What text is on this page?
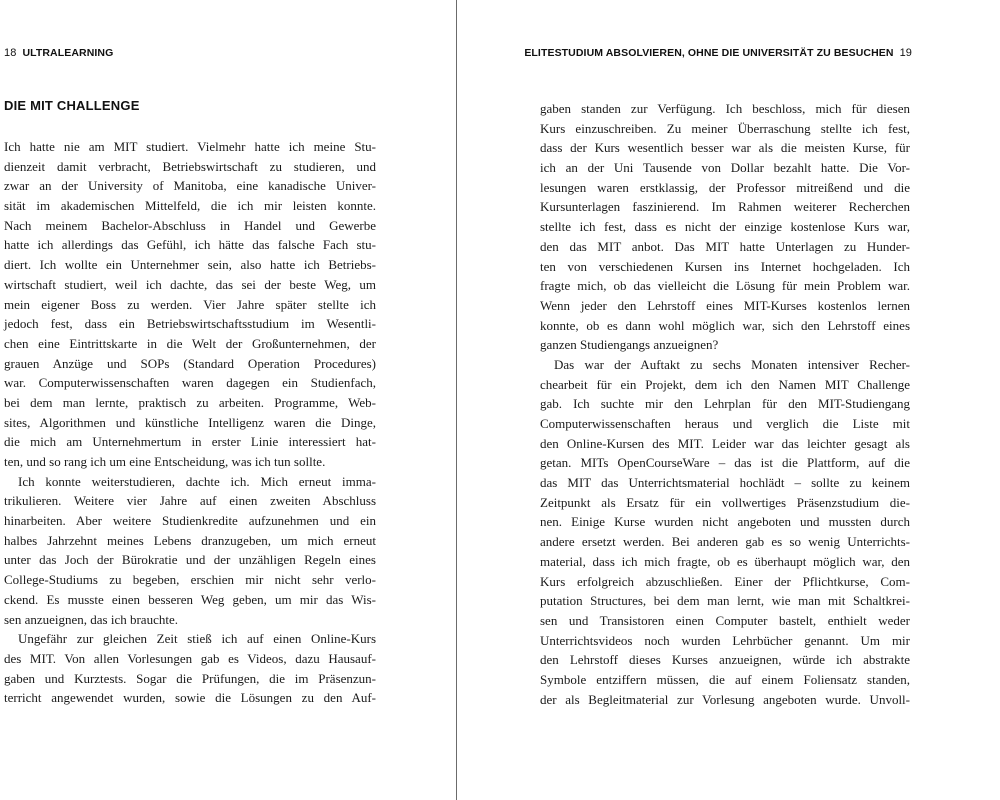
18 ULTRALEARNING
DIE MIT CHALLENGE
Ich hatte nie am MIT studiert. Vielmehr hatte ich meine Stu-
dienzeit damit verbracht, Betriebswirtschaft zu studieren, und
zwar an der University of Manitoba, eine kanadische Univer-
sität im akademischen Mittelfeld, die ich mir leisten konnte.
Nach meinem Bachelor-Abschluss in Handel und Gewerbe
hatte ich allerdings das Gefühl, ich hätte das falsche Fach stu-
diert. Ich wollte ein Unternehmer sein, also hatte ich Betriebs-
wirtschaft studiert, weil ich dachte, das sei der beste Weg, um
mein eigener Boss zu werden. Vier Jahre später stellte ich
jedoch fest, dass ein Betriebswirtschaftsstudium im Wesentli-
chen eine Eintrittskarte in die Welt der Großunternehmen, der
grauen Anzüge und SOPs (Standard Operation Procedures)
war. Computerwissenschaften waren dagegen ein Studienfach,
bei dem man lernte, praktisch zu arbeiten. Programme, Web-
sites, Algorithmen und künstliche Intelligenz waren die Dinge,
die mich am Unternehmertum in erster Linie interessiert hat-
ten, und so rang ich um eine Entscheidung, was ich tun sollte.
Ich konnte weiterstudieren, dachte ich. Mich erneut imma-
trikulieren. Weitere vier Jahre auf einen zweiten Abschluss
hinarbeiten. Aber weitere Studienkredite aufzunehmen und ein
halbes Jahrzehnt meines Lebens dranzugeben, um mich erneut
unter das Joch der Bürokratie und der unzähligen Regeln eines
College-Studiums zu begeben, erschien mir nicht sehr verlo-
ckend. Es musste einen besseren Weg geben, um mir das Wis-
sen anzueignen, das ich brauchte.
Ungefähr zur gleichen Zeit stieß ich auf einen Online-Kurs
des MIT. Von allen Vorlesungen gab es Videos, dazu Hausauf-
gaben und Kurztests. Sogar die Prüfungen, die im Präsenzun-
terricht angewendet wurden, sowie die Lösungen zu den Auf-
ELITESTUDIUM ABSOLVIEREN, OHNE DIE UNIVERSITÄT ZU BESUCHEN 19
gaben standen zur Verfügung. Ich beschloss, mich für diesen
Kurs einzuschreiben. Zu meiner Überraschung stellte ich fest,
dass der Kurs wesentlich besser war als die meisten Kurse, für
ich an der Uni Tausende von Dollar bezahlt hatte. Die Vor-
lesungen waren erstklassig, der Professor mitreißend und die
Kursunterlagen faszinierend. Im Rahmen weiterer Recherchen
stellte ich fest, dass es nicht der einzige kostenlose Kurs war,
den das MIT anbot. Das MIT hatte Unterlagen zu Hunder-
ten von verschiedenen Kursen ins Internet hochgeladen. Ich
fragte mich, ob das vielleicht die Lösung für mein Problem war.
Wenn jeder den Lehrstoff eines MIT-Kurses kostenlos lernen
konnte, ob es dann wohl möglich war, sich den Lehrstoff eines
ganzen Studiengangs anzueignen?
Das war der Auftakt zu sechs Monaten intensiver Recher-
chearbeit für ein Projekt, dem ich den Namen MIT Challenge
gab. Ich suchte mir den Lehrplan für den MIT-Studiengang
Computerwissenschaften heraus und verglich die Liste mit
den Online-Kursen des MIT. Leider war das leichter gesagt als
getan. MITs OpenCourseWare – das ist die Plattform, auf die
das MIT das Unterrichtsmaterial hochlädt – sollte zu keinem
Zeitpunkt als Ersatz für ein vollwertiges Präsenzstudium die-
nen. Einige Kurse wurden nicht angeboten und mussten durch
andere ersetzt werden. Bei anderen gab es so wenig Unterrichts-
material, dass ich mich fragte, ob es überhaupt möglich war, den
Kurs erfolgreich abzuschließen. Einer der Pflichtkurse, Com-
putation Structures, bei dem man lernt, wie man mit Schaltkrei-
sen und Transistoren einen Computer bastelt, enthielt weder
Unterrichtsvideos noch wurden Lehrbücher genannt. Um mir
den Lehrstoff dieses Kurses anzueignen, würde ich abstrakte
Symbole entziffern müssen, die auf einem Foliensatz standen,
der als Begleitmaterial zur Vorlesung angeboten wurde. Unvoll-
